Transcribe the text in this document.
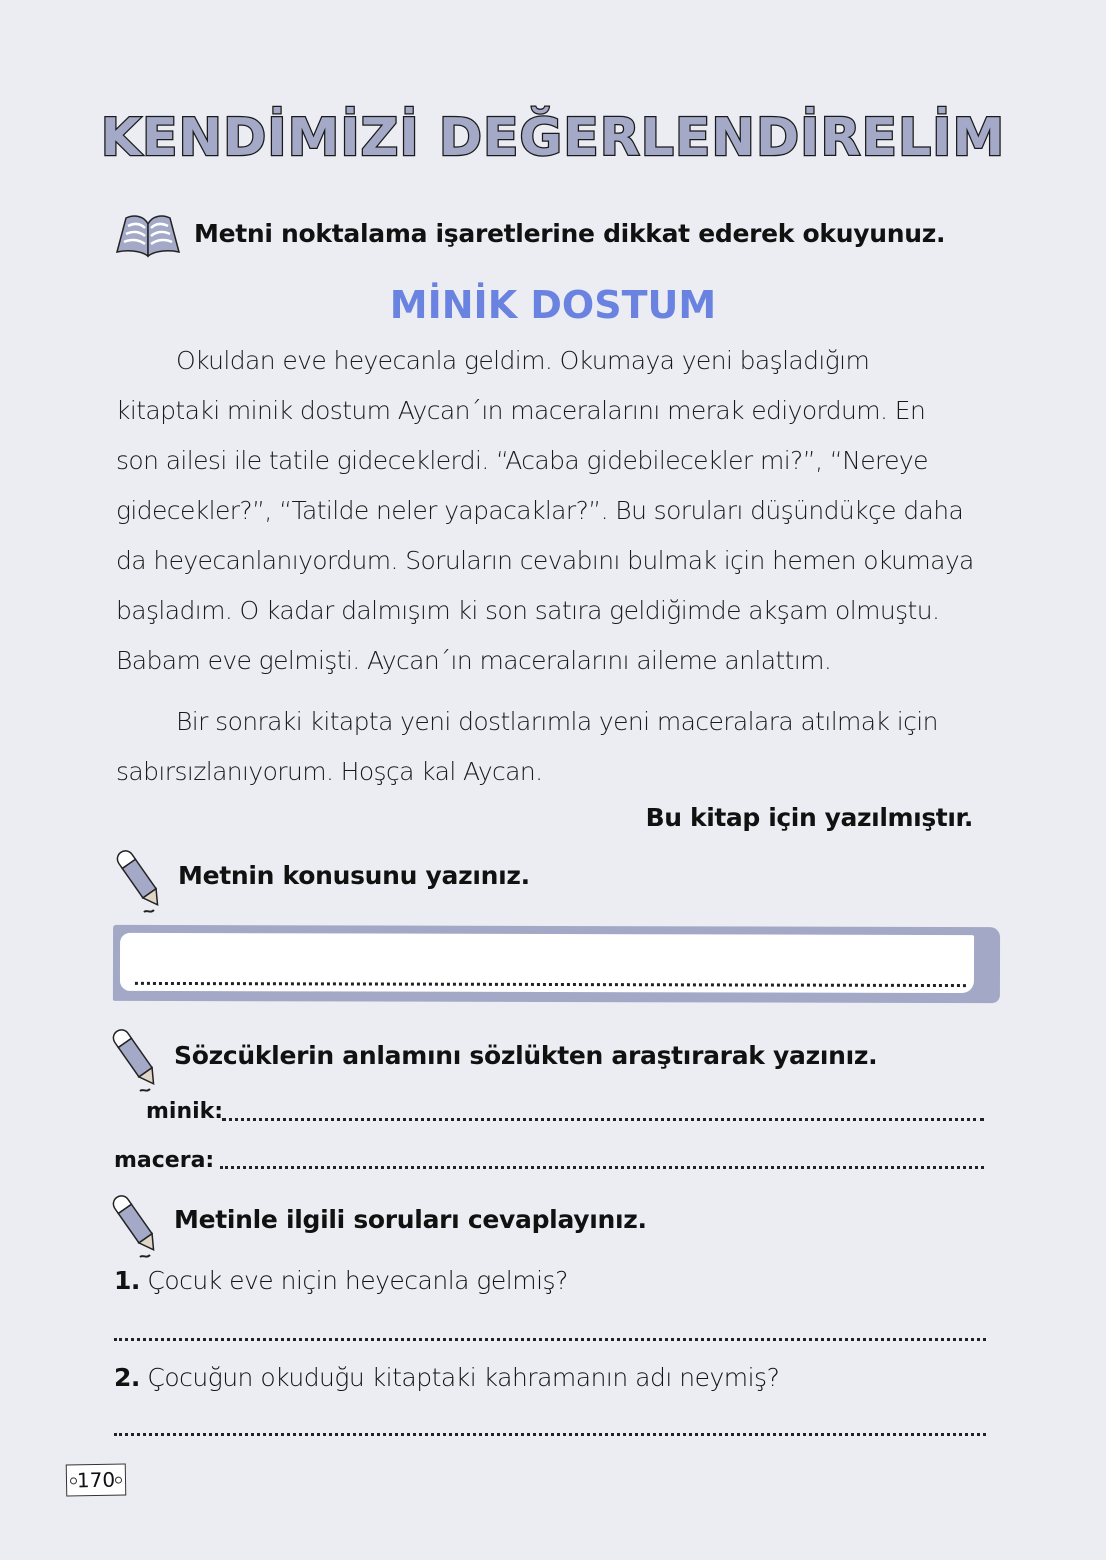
KENDİMİZİ DEĞERLENDİRELİM
Metni noktalama işaretlerine dikkat ederek okuyunuz.
MİNİK DOSTUM
Okuldan eve heyecanla geldim. Okumaya yeni başladığım
kitaptaki minik dostum Aycan´ın maceralarını merak ediyordum. En
son ailesi ile tatile gideceklerdi. “Acaba gidebilecekler mi?”, “Nereye
gidecekler?”, “Tatilde neler yapacaklar?”. Bu soruları düşündükçe daha
da heyecanlanıyordum. Soruların cevabını bulmak için hemen okumaya
başladım. O kadar dalmışım ki son satıra geldiğimde akşam olmuştu.
Babam eve gelmişti. Aycan´ın maceralarını aileme anlattım.
Bir sonraki kitapta yeni dostlarımla yeni maceralara atılmak için
sabırsızlanıyorum. Hoşça kal Aycan.
Bu kitap için yazılmıştır.
Metnin konusunu yazınız.
Sözcüklerin anlamını sözlükten araştırarak yazınız.
minik:
macera:
Metinle ilgili soruları cevaplayınız.
1. Çocuk eve niçin heyecanla gelmiş?
2. Çocuğun okuduğu kitaptaki kahramanın adı neymiş?
170
